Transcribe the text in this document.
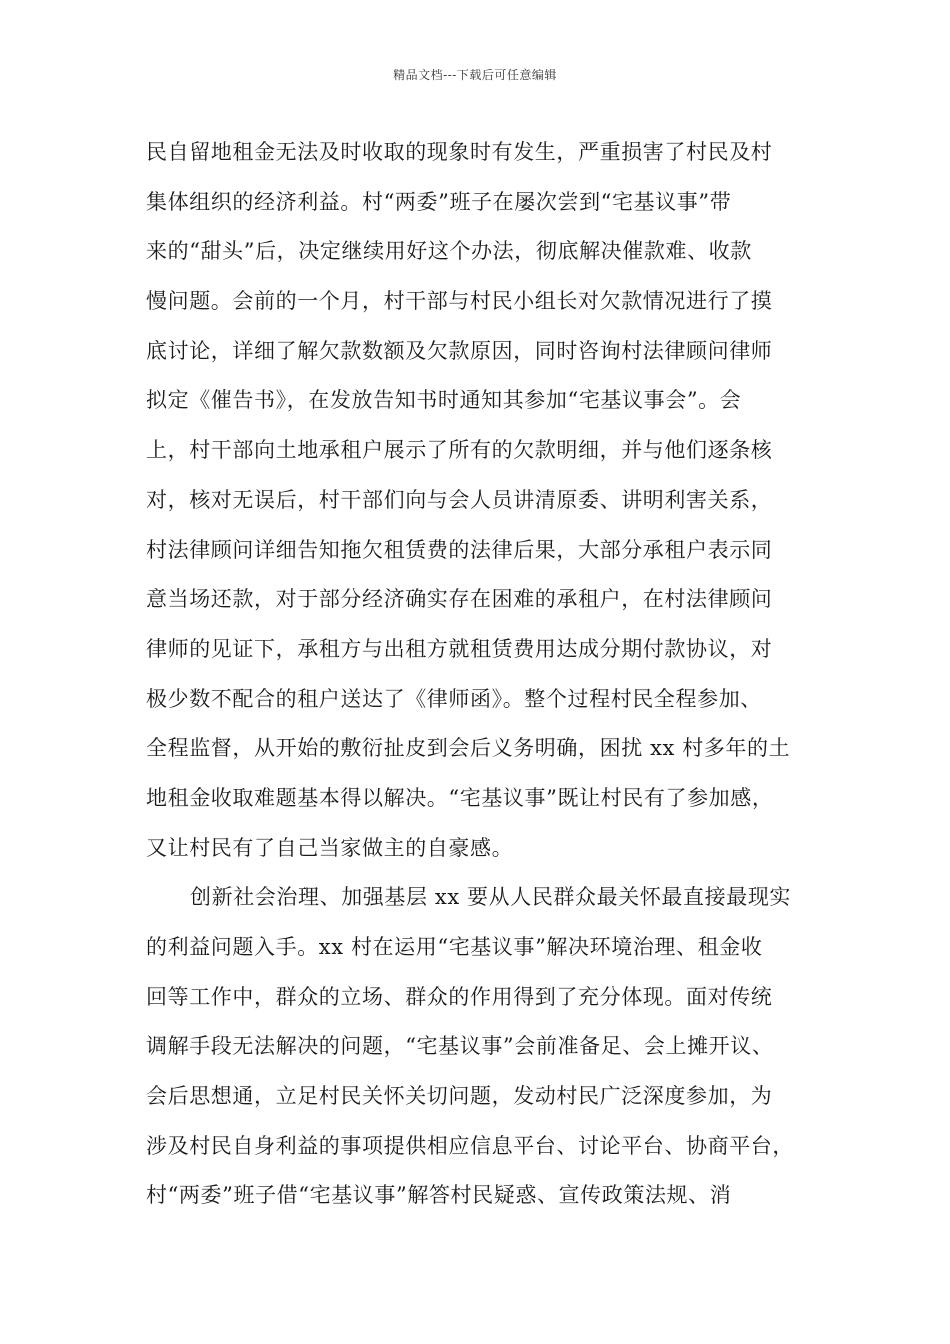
精品文档---下载后可任意编辑
民自留地租金无法及时收取的现象时有发生，严重损害了村民及村
集体组织的经济利益。村“两委”班子在屡次尝到“宅基议事”带
来的“甜头”后，决定继续用好这个办法，彻底解决催款难、收款
慢问题。会前的一个月，村干部与村民小组长对欠款情况进行了摸
底讨论，详细了解欠款数额及欠款原因，同时咨询村法律顾问律师
拟定《催告书》，在发放告知书时通知其参加“宅基议事会”。会
上，村干部向土地承租户展示了所有的欠款明细，并与他们逐条核
对，核对无误后，村干部们向与会人员讲清原委、讲明利害关系，
村法律顾问详细告知拖欠租赁费的法律后果，大部分承租户表示同
意当场还款，对于部分经济确实存在困难的承租户，在村法律顾问
律师的见证下，承租方与出租方就租赁费用达成分期付款协议，对
极少数不配合的租户送达了《律师函》。整个过程村民全程参加、
全程监督，从开始的敷衍扯皮到会后义务明确，困扰 xx 村多年的土
地租金收取难题基本得以解决。“宅基议事”既让村民有了参加感，
又让村民有了自己当家做主的自豪感。
创新社会治理、加强基层 xx 要从人民群众最关怀最直接最现实
的利益问题入手。xx 村在运用“宅基议事”解决环境治理、租金收
回等工作中，群众的立场、群众的作用得到了充分体现。面对传统
调解手段无法解决的问题，“宅基议事”会前准备足、会上摊开议、
会后思想通，立足村民关怀关切问题，发动村民广泛深度参加，为
涉及村民自身利益的事项提供相应信息平台、讨论平台、协商平台，
村“两委”班子借“宅基议事”解答村民疑惑、宣传政策法规、消
